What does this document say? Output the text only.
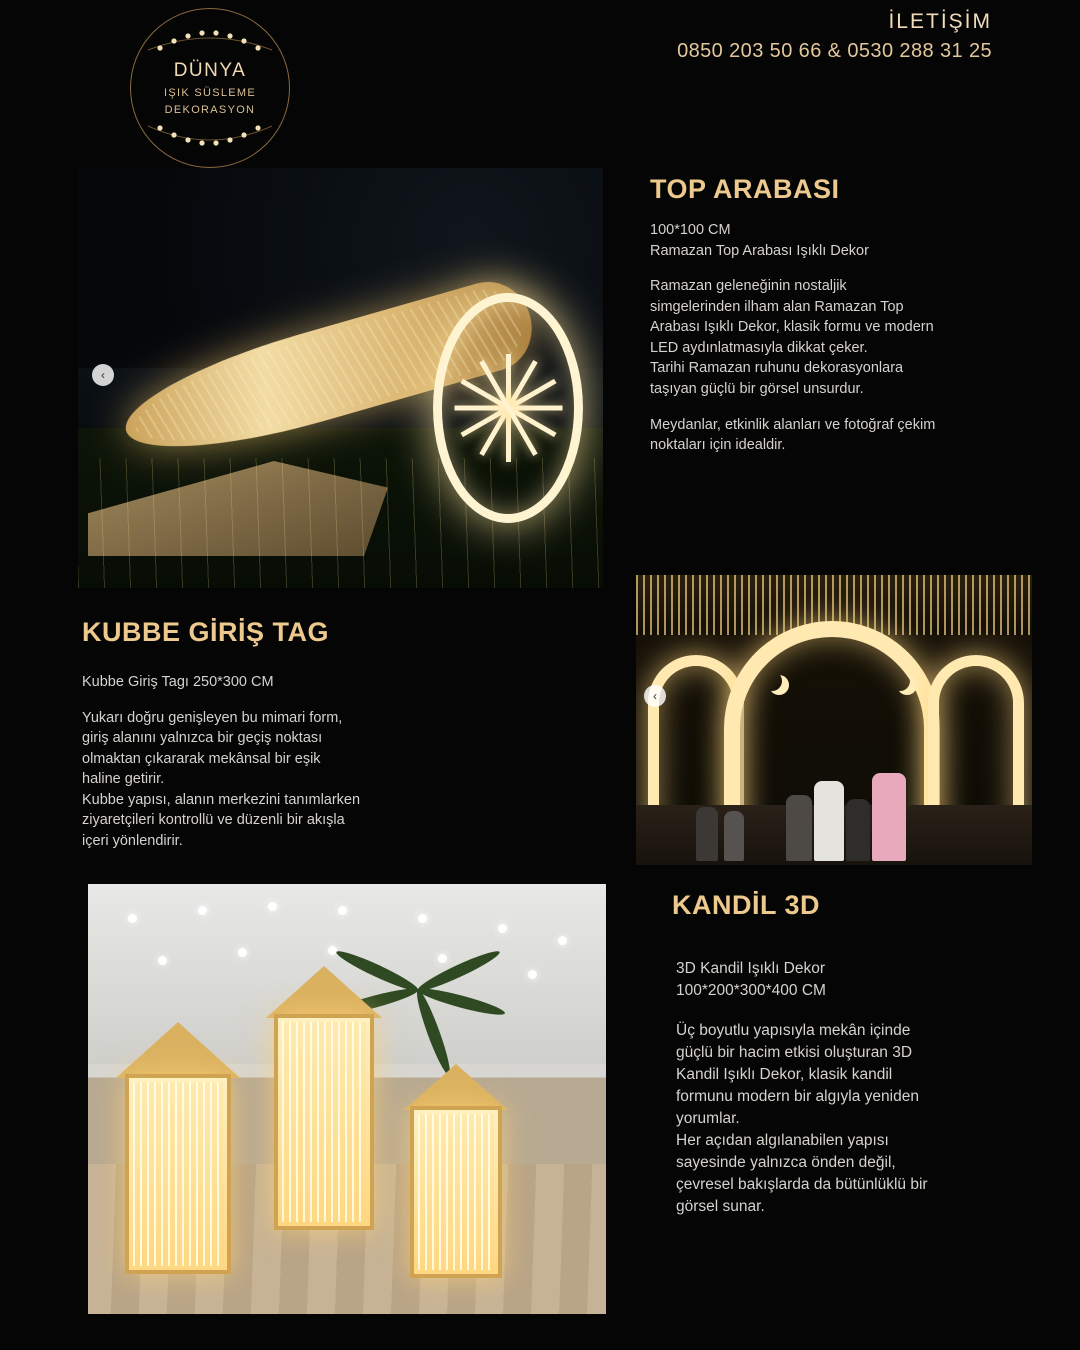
DÜNYA
IŞIK SÜSLEME
DEKORASYON
İLETİŞİM
0850 203 50 66 & 0530 288 31 25
‹
TOP ARABASI

100*100 CM

Ramazan Top Arabası Işıklı Dekor

Ramazan geleneğinin nostaljik simgelerinden ilham alan Ramazan Top Arabası Işıklı Dekor, klasik formu ve modern LED aydınlatmasıyla dikkat çeker.

Tarihi Ramazan ruhunu dekorasyonlara taşıyan güçlü bir görsel unsurdur.

Meydanlar, etkinlik alanları ve fotoğraf çekim noktaları için idealdir.

KUBBE GİRİŞ TAG

Kubbe Giriş Tagı 250*300 CM

Yukarı doğru genişleyen bu mimari form, giriş alanını yalnızca bir geçiş noktası olmaktan çıkararak mekânsal bir eşik haline getirir.

Kubbe yapısı, alanın merkezini tanımlarken ziyaretçileri kontrollü ve düzenli bir akışla içeri yönlendirir.

‹
KANDİL 3D

3D Kandil Işıklı Dekor

100*200*300*400 CM

Üç boyutlu yapısıyla mekân içinde güçlü bir hacim etkisi oluşturan 3D Kandil Işıklı Dekor, klasik kandil formunu modern bir algıyla yeniden yorumlar.

Her açıdan algılanabilen yapısı sayesinde yalnızca önden değil, çevresel bakışlarda da bütünlüklü bir görsel sunar.
